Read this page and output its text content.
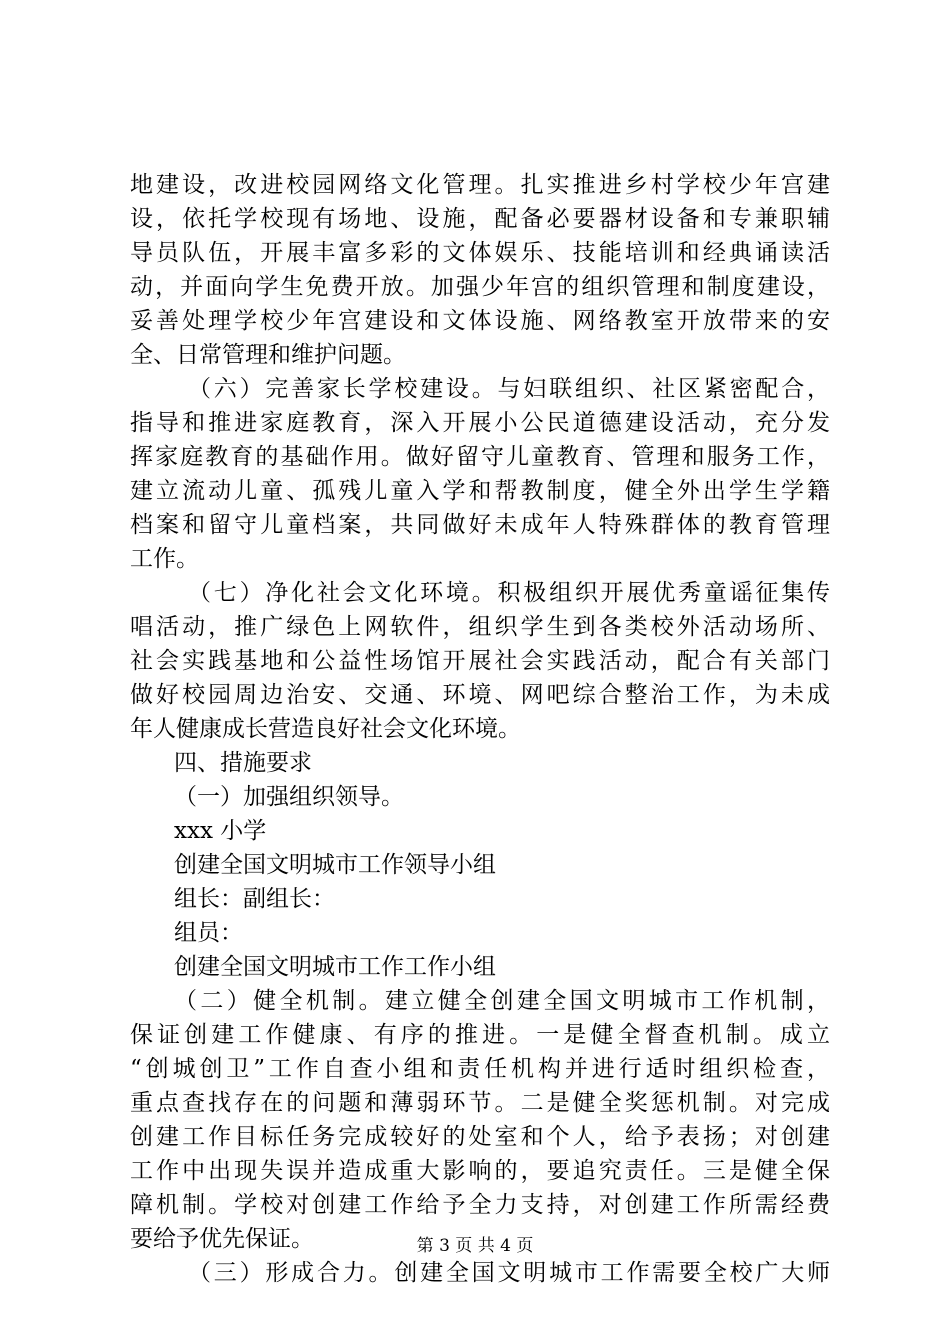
地建设，改进校园网络文化管理。扎实推进乡村学校少年宫建
设，依托学校现有场地、设施，配备必要器材设备和专兼职辅
导员队伍，开展丰富多彩的文体娱乐、技能培训和经典诵读活
动，并面向学生免费开放。加强少年宫的组织管理和制度建设，
妥善处理学校少年宫建设和文体设施、网络教室开放带来的安
全、日常管理和维护问题。
（六）完善家长学校建设。与妇联组织、社区紧密配合，
指导和推进家庭教育，深入开展小公民道德建设活动，充分发
挥家庭教育的基础作用。做好留守儿童教育、管理和服务工作，
建立流动儿童、孤残儿童入学和帮教制度，健全外出学生学籍
档案和留守儿童档案，共同做好未成年人特殊群体的教育管理
工作。
（七）净化社会文化环境。积极组织开展优秀童谣征集传
唱活动，推广绿色上网软件，组织学生到各类校外活动场所、
社会实践基地和公益性场馆开展社会实践活动，配合有关部门
做好校园周边治安、交通、环境、网吧综合整治工作，为未成
年人健康成长营造良好社会文化环境。
四、措施要求
（一）加强组织领导。
xxx 小学
创建全国文明城市工作领导小组
组长：副组长：
组员：
创建全国文明城市工作工作小组
（二）健全机制。建立健全创建全国文明城市工作机制，
保证创建工作健康、有序的推进。一是健全督查机制。成立
“创城创卫”工作自查小组和责任机构并进行适时组织检查，
重点查找存在的问题和薄弱环节。二是健全奖惩机制。对完成
创建工作目标任务完成较好的处室和个人，给予表扬；对创建
工作中出现失误并造成重大影响的，要追究责任。三是健全保
障机制。学校对创建工作给予全力支持，对创建工作所需经费
要给予优先保证。
（三）形成合力。创建全国文明城市工作需要全校广大师
第 3 页 共 4 页
